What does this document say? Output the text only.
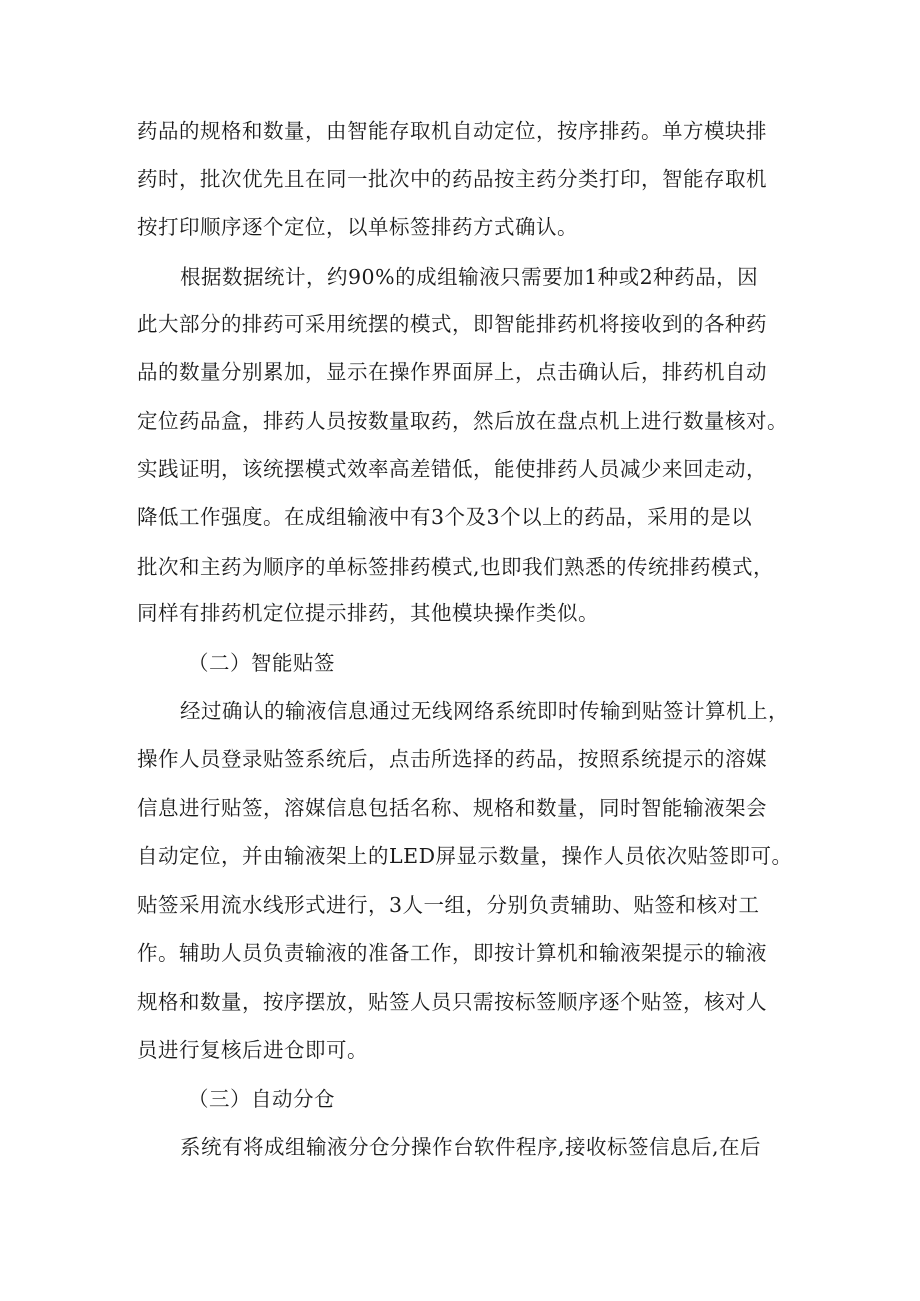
药品的规格和数量，由智能存取机自动定位，按序排药。单方模块排
药时，批次优先且在同一批次中的药品按主药分类打印，智能存取机
按打印顺序逐个定位，以单标签排药方式确认。
根据数据统计，约90%的成组输液只需要加1种或2种药品，因
此大部分的排药可采用统摆的模式，即智能排药机将接收到的各种药
品的数量分别累加，显示在操作界面屏上，点击确认后，排药机自动
定位药品盒，排药人员按数量取药，然后放在盘点机上进行数量核对。
实践证明，该统摆模式效率高差错低，能使排药人员减少来回走动，
降低工作强度。在成组输液中有3个及3个以上的药品，采用的是以
批次和主药为顺序的单标签排药模式,也即我们熟悉的传统排药模式，
同样有排药机定位提示排药，其他模块操作类似。
（二）智能贴签
经过确认的输液信息通过无线网络系统即时传输到贴签计算机上，
操作人员登录贴签系统后，点击所选择的药品，按照系统提示的溶媒
信息进行贴签，溶媒信息包括名称、规格和数量，同时智能输液架会
自动定位，并由输液架上的LED屏显示数量，操作人员依次贴签即可。
贴签采用流水线形式进行，3人一组，分别负责辅助、贴签和核对工
作。辅助人员负责输液的准备工作，即按计算机和输液架提示的输液
规格和数量，按序摆放，贴签人员只需按标签顺序逐个贴签，核对人
员进行复核后进仓即可。
（三）自动分仓
系统有将成组输液分仓分操作台软件程序,接收标签信息后,在后
